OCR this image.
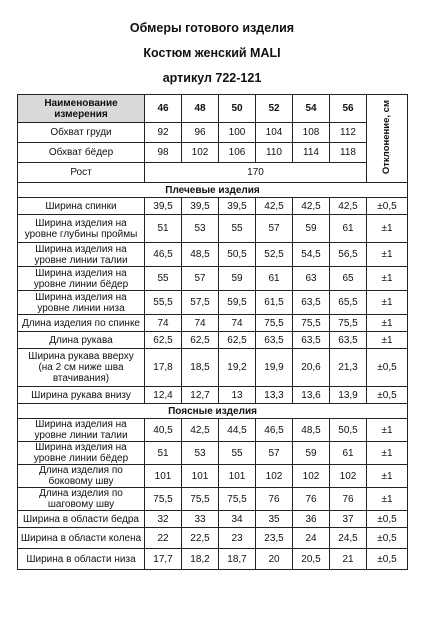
Обмеры готового изделия
Костюм женский MALI
артикул 722-121
Наименование измерения	46	48	50	52	54	56	Отклонение, см
Обхват груди	92	96	100	104	108	112	
Обхват бёдер	98	102	106	110	114	118	
Рост	170						
Плечевые изделия							
Ширина спинки	39,5	39,5	39,5	42,5	42,5	42,5	±0,5
Ширина изделия на уровне глубины проймы	51	53	55	57	59	61	±1
Ширина изделия на уровне линии талии	46,5	48,5	50,5	52,5	54,5	56,5	±1
Ширина изделия на уровне линии бёдер	55	57	59	61	63	65	±1
Ширина изделия на уровне линии низа	55,5	57,5	59,5	61,5	63,5	65,5	±1
Длина изделия по спинке	74	74	74	75,5	75,5	75,5	±1
Длина рукава	62,5	62,5	62,5	63,5	63,5	63,5	±1
Ширина рукава вверху (на 2 см ниже шва втачивания)	17,8	18,5	19,2	19,9	20,6	21,3	±0,5
Ширина рукава внизу	12,4	12,7	13	13,3	13,6	13,9	±0,5
Поясные изделия							
Ширина изделия на уровне линии талии	40,5	42,5	44,5	46,5	48,5	50,5	±1
Ширина изделия на уровне линии бёдер	51	53	55	57	59	61	±1
Длина изделия по боковому шву	101	101	101	102	102	102	±1
Длина изделия по шаговому шву	75,5	75,5	75,5	76	76	76	±1
Ширина в области бедра	32	33	34	35	36	37	±0,5
Ширина в области колена	22	22,5	23	23,5	24	24,5	±0,5
Ширина в области низа	17,7	18,2	18,7	20	20,5	21	±0,5
